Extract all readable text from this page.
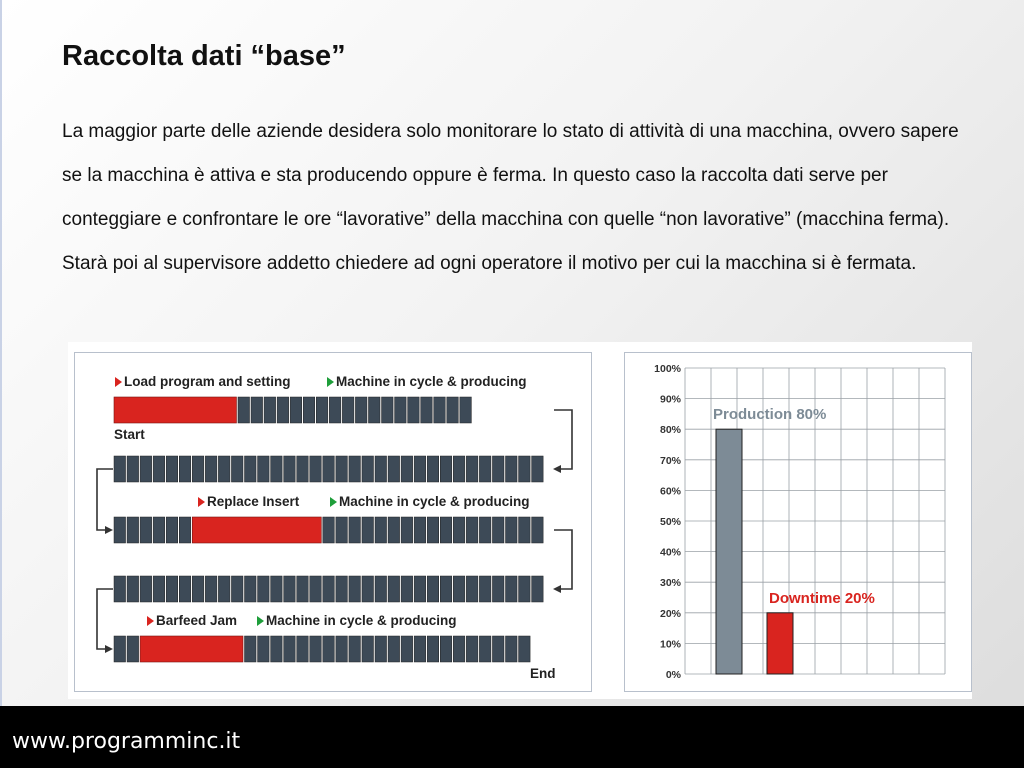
Raccolta dati “base”

La maggior parte delle aziende desidera solo monitorare lo stato di attività di una macchina, ovvero sapere se la macchina è attiva e sta producendo oppure è ferma. In questo caso la raccolta dati serve per conteggiare e confrontare le ore “lavorative” della macchina con quelle “non lavorative” (macchina ferma). Starà poi al supervisore addetto chiedere ad ogni operatore il motivo per cui la macchina si è fermata.

Load program and setting	Machine in cycle & producing
Replace Insert	Machine in cycle & producing
Barfeed Jam Machine in cycle & producing
Start
End	0%
10%
20%
30%
40%
50%
60%
70%
80%
90%
100%
Production 80%
Downtime 20%
www.programminc.it
